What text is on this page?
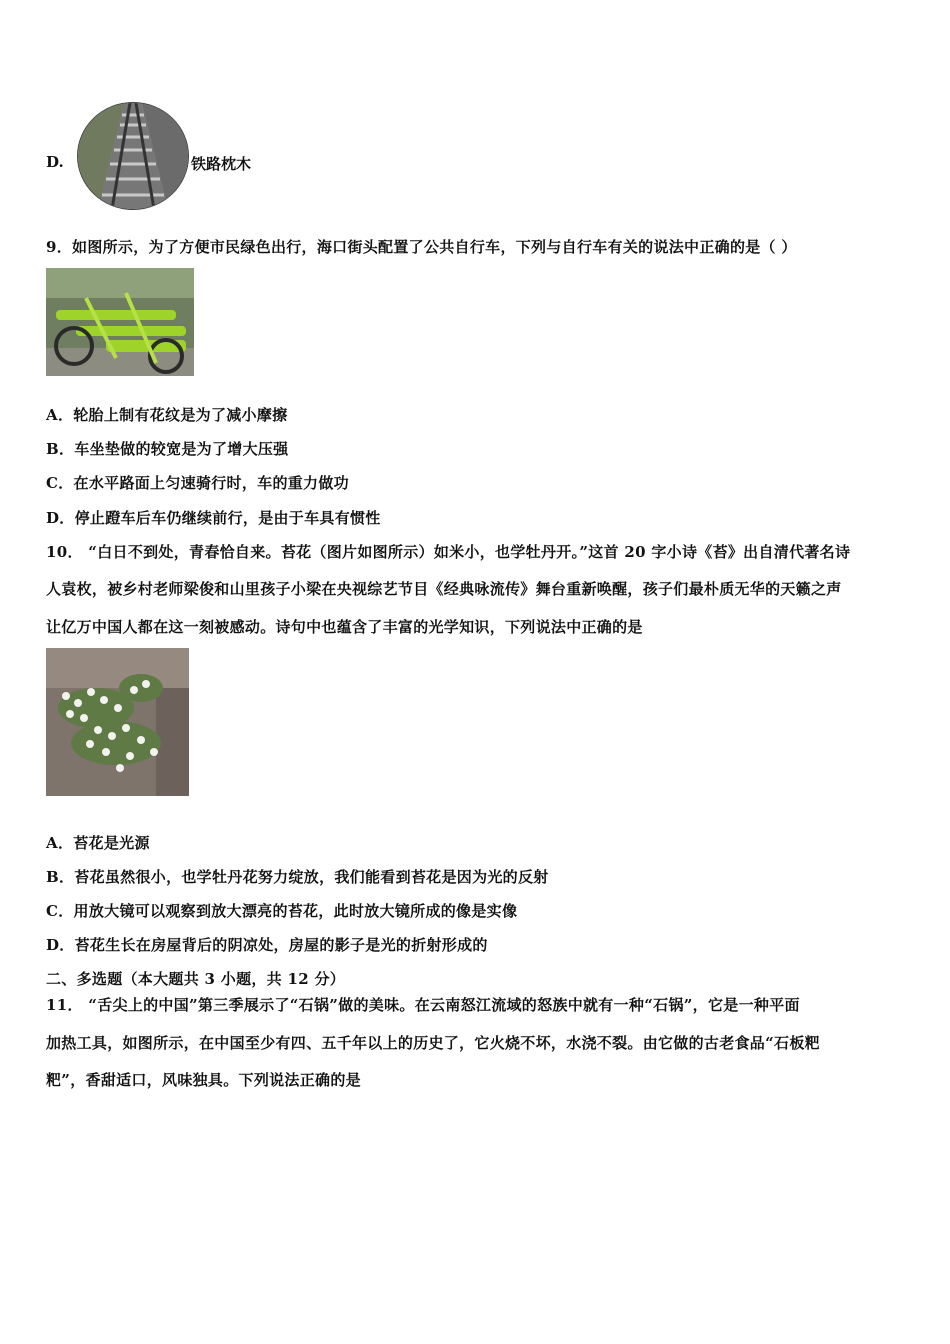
D.	铁路枕木
9．如图所示，为了方便市民绿色出行，海口街头配置了公共自行车，下列与自行车有关的说法中正确的是（ ）
A．轮胎上制有花纹是为了减小摩擦
B．车坐垫做的较宽是为了增大压强
C．在水平路面上匀速骑行时，车的重力做功
D．停止蹬车后车仍继续前行，是由于车具有惯性
10． “白日不到处，青春恰自来。苔花（图片如图所示）如米小，也学牡丹开。”这首 20 字小诗《苔》出自清代著名诗
人袁枚，被乡村老师梁俊和山里孩子小梁在央视综艺节目《经典咏流传》舞台重新唤醒，孩子们最朴质无华的天籁之声
让亿万中国人都在这一刻被感动。诗句中也蕴含了丰富的光学知识，下列说法中正确的是
A．苔花是光源
B．苔花虽然很小，也学牡丹花努力绽放，我们能看到苔花是因为光的反射
C．用放大镜可以观察到放大漂亮的苔花，此时放大镜所成的像是实像
D．苔花生长在房屋背后的阴凉处，房屋的影子是光的折射形成的
二、多选题（本大题共 3 小题，共 12 分）
11． “舌尖上的中国”第三季展示了“石锅”做的美味。在云南怒江流域的怒族中就有一种“石锅”，它是一种平面
加热工具，如图所示，在中国至少有四、五千年以上的历史了，它火烧不坏，水浇不裂。由它做的古老食品“石板粑
粑”，香甜适口，风味独具。下列说法正确的是
